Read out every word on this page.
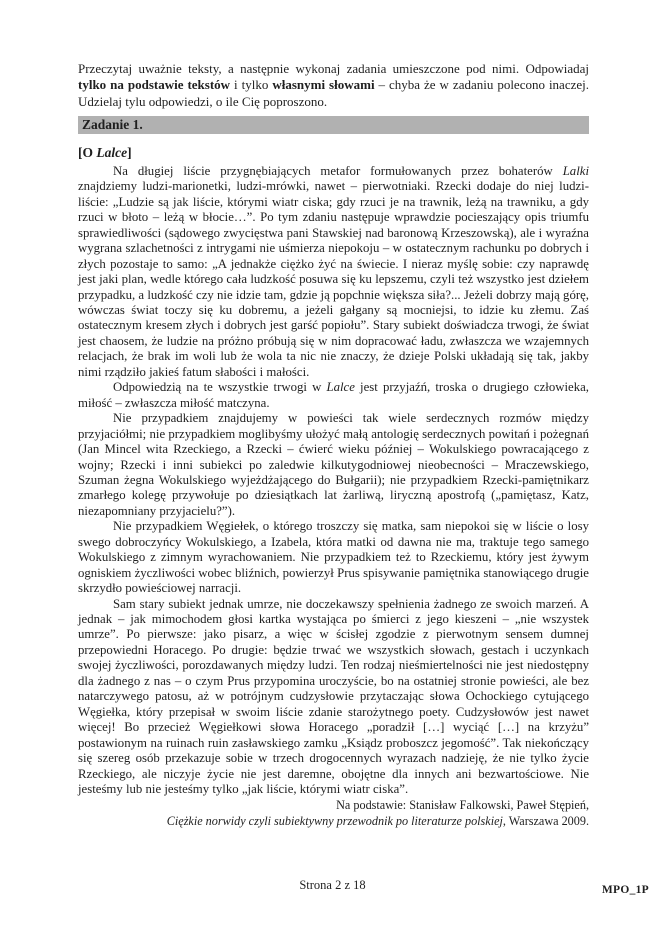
Przeczytaj uważnie teksty, a następnie wykonaj zadania umieszczone pod nimi. Odpowiadaj tylko na podstawie tekstów i tylko własnymi słowami – chyba że w zadaniu polecono inaczej. Udzielaj tylu odpowiedzi, o ile Cię poproszono.

Zadanie 1.
[O Lalce]

Na długiej liście przygnębiających metafor formułowanych przez bohaterów Lalki znajdziemy ludzi-marionetki, ludzi-mrówki, nawet – pierwotniaki. Rzecki dodaje do niej ludzi-liście: „Ludzie są jak liście, którymi wiatr ciska; gdy rzuci je na trawnik, leżą na trawniku, a gdy rzuci w błoto – leżą w błocie…”. Po tym zdaniu następuje wprawdzie pocieszający opis triumfu sprawiedliwości (sądowego zwycięstwa pani Stawskiej nad baronową Krzeszowską), ale i wyraźna wygrana szlachetności z intrygami nie uśmierza niepokoju – w ostatecznym rachunku po dobrych i złych pozostaje to samo: „A jednakże ciężko żyć na świecie. I nieraz myślę sobie: czy naprawdę jest jaki plan, wedle którego cała ludzkość posuwa się ku lepszemu, czyli też wszystko jest dziełem przypadku, a ludzkość czy nie idzie tam, gdzie ją popchnie większa siła?... Jeżeli dobrzy mają górę, wówczas świat toczy się ku dobremu, a jeżeli gałgany są mocniejsi, to idzie ku złemu. Zaś ostatecznym kresem złych i dobrych jest garść popiołu”. Stary subiekt doświadcza trwogi, że świat jest chaosem, że ludzie na próżno próbują się w nim dopracować ładu, zwłaszcza we wzajemnych relacjach, że brak im woli lub że wola ta nic nie znaczy, że dzieje Polski układają się tak, jakby nimi rządziło jakieś fatum słabości i małości.

Odpowiedzią na te wszystkie trwogi w Lalce jest przyjaźń, troska o drugiego człowieka, miłość – zwłaszcza miłość matczyna.

Nie przypadkiem znajdujemy w powieści tak wiele serdecznych rozmów między przyjaciółmi; nie przypadkiem moglibyśmy ułożyć małą antologię serdecznych powitań i pożegnań (Jan Mincel wita Rzeckiego, a Rzecki – ćwierć wieku później – Wokulskiego powracającego z wojny; Rzecki i inni subiekci po zaledwie kilkutygodniowej nieobecności – Mraczewskiego, Szuman żegna Wokulskiego wyjeżdżającego do Bułgarii); nie przypadkiem Rzecki-pamiętnikarz zmarłego kolegę przywołuje po dziesiątkach lat żarliwą, liryczną apostrofą („pamiętasz, Katz, niezapomniany przyjacielu?”).

Nie przypadkiem Węgiełek, o którego troszczy się matka, sam niepokoi się w liście o losy swego dobroczyńcy Wokulskiego, a Izabela, która matki od dawna nie ma, traktuje tego samego Wokulskiego z zimnym wyrachowaniem. Nie przypadkiem też to Rzeckiemu, który jest żywym ogniskiem życzliwości wobec bliźnich, powierzył Prus spisywanie pamiętnika stanowiącego drugie skrzydło powieściowej narracji.

Sam stary subiekt jednak umrze, nie doczekawszy spełnienia żadnego ze swoich marzeń. A jednak – jak mimochodem głosi kartka wystająca po śmierci z jego kieszeni – „nie wszystek umrze”. Po pierwsze: jako pisarz, a więc w ścisłej zgodzie z pierwotnym sensem dumnej przepowiedni Horacego. Po drugie: będzie trwać we wszystkich słowach, gestach i uczynkach swojej życzliwości, porozdawanych między ludzi. Ten rodzaj nieśmiertelności nie jest niedostępny dla żadnego z nas – o czym Prus przypomina uroczyście, bo na ostatniej stronie powieści, ale bez natarczywego patosu, aż w potrójnym cudzysłowie przytaczając słowa Ochockiego cytującego Węgiełka, który przepisał w swoim liście zdanie starożytnego poety. Cudzysłowów jest nawet więcej! Bo przecież Węgiełkowi słowa Horacego „poradził […] wyciąć […] na krzyżu” postawionym na ruinach ruin zasławskiego zamku „Ksiądz proboszcz jegomość”. Tak niekończący się szereg osób przekazuje sobie w trzech drogocennych wyrazach nadzieję, że nie tylko życie Rzeckiego, ale niczyje życie nie jest daremne, obojętne dla innych ani bezwartościowe. Nie jesteśmy lub nie jesteśmy tylko „jak liście, którymi wiatr ciska”.

Na podstawie: Stanisław Falkowski, Paweł Stępień,
Ciężkie norwidy czyli subiektywny przewodnik po literaturze polskiej, Warszawa 2009.
Strona 2 z 18	MPO_1P
